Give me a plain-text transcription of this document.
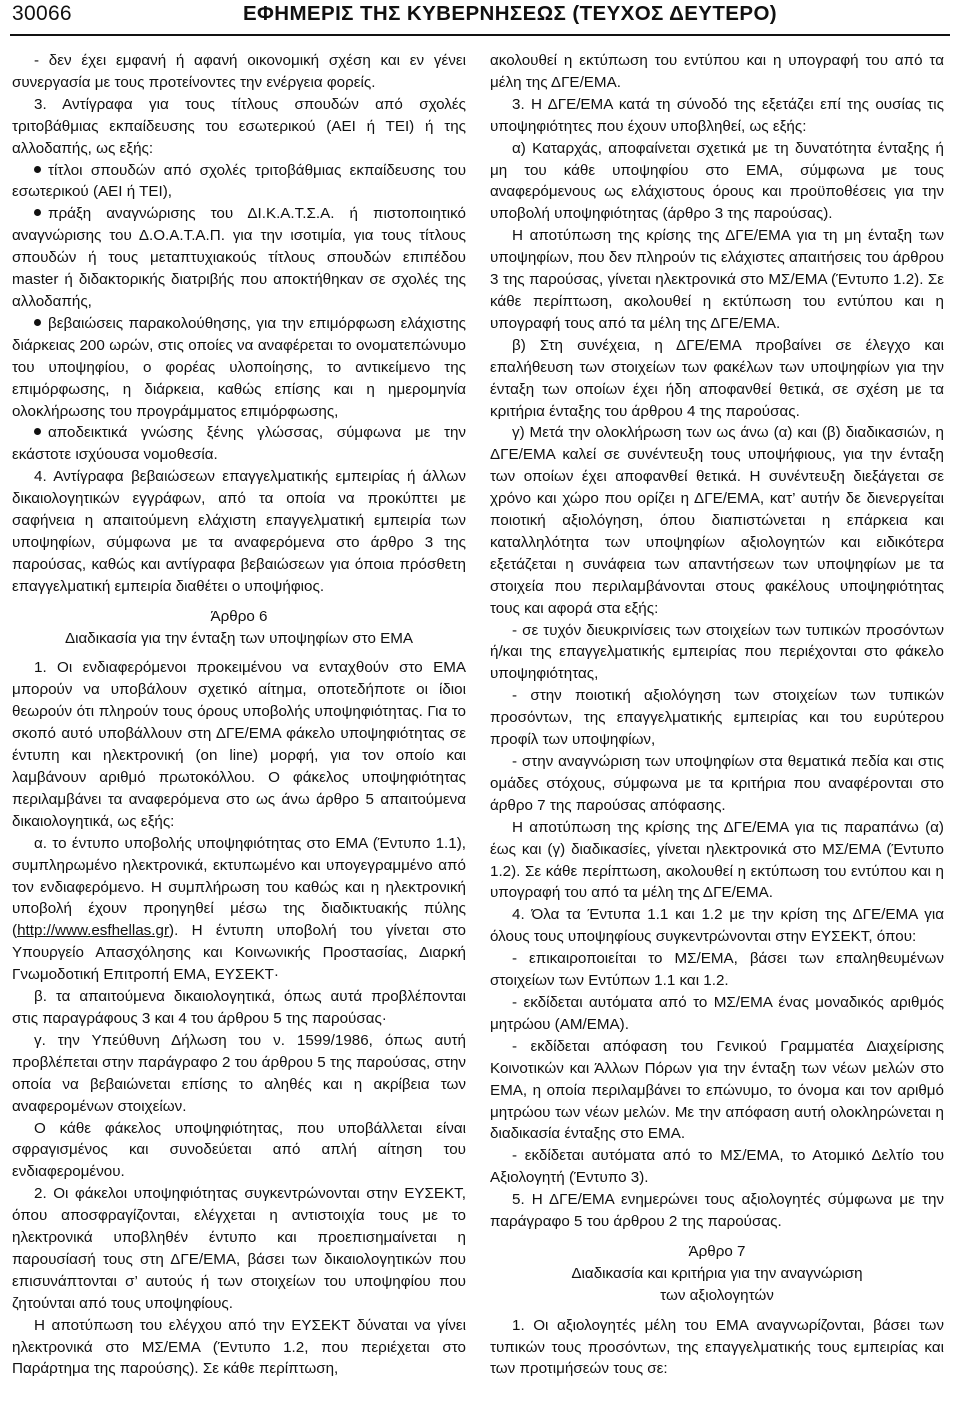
30066	ΕΦΗΜΕΡΙΣ ΤΗΣ ΚΥΒΕΡΝΗΣΕΩΣ (ΤΕΥΧΟΣ ΔΕΥΤΕΡΟ)

- δεν έχει εμφανή ή αφανή οικονομική σχέση και εν γένει συνεργασία με τους προτείνοντες την ενέργεια φορείς.

3. Αντίγραφα για τους τίτλους σπουδών από σχολές τριτοβάθμιας εκπαίδευσης του εσωτερικού (ΑΕΙ ή ΤΕΙ) ή της αλλοδαπής, ως εξής:

τίτλοι σπουδών από σχολές τριτοβάθμιας εκπαίδευσης του εσωτερικού (ΑΕΙ ή ΤΕΙ),

πράξη αναγνώρισης του ΔΙ.Κ.Α.Τ.Σ.Α. ή πιστοποιητικό αναγνώρισης του Δ.Ο.Α.Τ.Α.Π. για την ισοτιμία, για τους τίτλους σπουδών ή τους μεταπτυχιακούς τίτλους σπουδών επιπέδου master ή διδακτορικής διατριβής που αποκτήθηκαν σε σχολές της αλλοδαπής,

βεβαιώσεις παρακολούθησης, για την επιμόρφωση ελάχιστης διάρκειας 200 ωρών, στις οποίες να αναφέρεται το ονοματεπώνυμο του υποψηφίου, ο φορέας υλοποίησης, το αντικείμενο της επιμόρφωσης, η διάρκεια, καθώς επίσης και η ημερομηνία ολοκλήρωσης του προγράμματος επιμόρφωσης,

αποδεικτικά γνώσης ξένης γλώσσας, σύμφωνα με την εκάστοτε ισχύουσα νομοθεσία.

4. Αντίγραφα βεβαιώσεων επαγγελματικής εμπειρίας ή άλλων δικαιολογητικών εγγράφων, από τα οποία να προκύπτει με σαφήνεια η απαιτούμενη ελάχιστη επαγγελματική εμπειρία των υποψηφίων, σύμφωνα με τα αναφερόμενα στο άρθρο 3 της παρούσας, καθώς και αντίγραφα βεβαιώσεων για όποια πρόσθετη επαγγελματική εμπειρία διαθέτει ο υποψήφιος.

Άρθρο 6

Διαδικασία για την ένταξη των υποψηφίων στο ΕΜΑ

1. Οι ενδιαφερόμενοι προκειμένου να ενταχθούν στο ΕΜΑ μπορούν να υποβάλουν σχετικό αίτημα, οποτεδήποτε οι ίδιοι θεωρούν ότι πληρούν τους όρους υποβολής υποψηφιότητας. Για το σκοπό αυτό υποβάλλουν στη ΔΓΕ/ΕΜΑ φάκελο υποψηφιότητας σε έντυπη και ηλεκτρονική (on line) μορφή, για τον οποίο και λαμβάνουν αριθμό πρωτοκόλλου. Ο φάκελος υποψηφιότητας περιλαμβάνει τα αναφερόμενα στο ως άνω άρθρο 5 απαιτούμενα δικαιολογητικά, ως εξής:

α. το έντυπο υποβολής υποψηφιότητας στο ΕΜΑ (Έντυπο 1.1), συμπληρωμένο ηλεκτρονικά, εκτυπωμένο και υπογεγραμμένο από τον ενδιαφερόμενο. Η συμπλήρωση του καθώς και η ηλεκτρονική υποβολή έχουν προηγηθεί μέσω της διαδικτυακής πύλης (http://www.esfhellas.gr). Η έντυπη υποβολή του γίνεται στο Υπουργείο Απασχόλησης και Κοινωνικής Προστασίας, Διαρκή Γνωμοδοτική Επιτροπή ΕΜΑ, ΕΥΣΕΚΤ·

β. τα απαιτούμενα δικαιολογητικά, όπως αυτά προβλέπονται στις παραγράφους 3 και 4 του άρθρου 5 της παρούσας·

γ. την Υπεύθυνη Δήλωση του ν. 1599/1986, όπως αυτή προβλέπεται στην παράγραφο 2 του άρθρου 5 της παρούσας, στην οποία να βεβαιώνεται επίσης το αληθές και η ακρίβεια των αναφερομένων στοιχείων.

Ο κάθε φάκελος υποψηφιότητας, που υποβάλλεται είναι σφραγισμένος και συνοδεύεται από απλή αίτηση του ενδιαφερομένου.

2. Οι φάκελοι υποψηφιότητας συγκεντρώνονται στην ΕΥΣΕΚΤ, όπου αποσφραγίζονται, ελέγχεται η αντιστοιχία τους με το ηλεκτρονικά υποβληθέν έντυπο και προεπισημαίνεται η παρουσίασή τους στη ΔΓΕ/ΕΜΑ, βάσει των δικαιολογητικών που επισυνάπτονται σ’ αυτούς ή των στοιχείων του υποψηφίου που ζητούνται από τους υποψηφίους.

Η αποτύπωση του ελέγχου από την ΕΥΣΕΚΤ δύναται να γίνει ηλεκτρονικά στο ΜΣ/ΕΜΑ (Έντυπο 1.2, που περιέχεται στο Παράρτημα της παρούσης). Σε κάθε περίπτωση,

ακολουθεί η εκτύπωση του εντύπου και η υπογραφή του από τα μέλη της ΔΓΕ/ΕΜΑ.

3. Η ΔΓΕ/ΕΜΑ κατά τη σύνοδό της εξετάζει επί της ουσίας τις υποψηφιότητες που έχουν υποβληθεί, ως εξής:

α) Καταρχάς, αποφαίνεται σχετικά με τη δυνατότητα ένταξης ή μη του κάθε υποψηφίου στο ΕΜΑ, σύμφωνα με τους αναφερόμενους ως ελάχιστους όρους και προϋποθέσεις για την υποβολή υποψηφιότητας (άρθρο 3 της παρούσας).

Η αποτύπωση της κρίσης της ΔΓΕ/ΕΜΑ για τη μη ένταξη των υποψηφίων, που δεν πληρούν τις ελάχιστες απαιτήσεις του άρθρου 3 της παρούσας, γίνεται ηλεκτρονικά στο ΜΣ/ΕΜΑ (Έντυπο 1.2). Σε κάθε περίπτωση, ακολουθεί η εκτύπωση του εντύπου και η υπογραφή τους από τα μέλη της ΔΓΕ/ΕΜΑ.

β) Στη συνέχεια, η ΔΓΕ/ΕΜΑ προβαίνει σε έλεγχο και επαλήθευση των στοιχείων των φακέλων των υποψηφίων για την ένταξη των οποίων έχει ήδη αποφανθεί θετικά, σε σχέση με τα κριτήρια ένταξης του άρθρου 4 της παρούσας.

γ) Μετά την ολοκλήρωση των ως άνω (α) και (β) διαδικασιών, η ΔΓΕ/ΕΜΑ καλεί σε συνέντευξη τους υποψήφιους, για την ένταξη των οποίων έχει αποφανθεί θετικά. Η συνέντευξη διεξάγεται σε χρόνο και χώρο που ορίζει η ΔΓΕ/ΕΜΑ, κατ’ αυτήν δε διενεργείται ποιοτική αξιολόγηση, όπου διαπιστώνεται η επάρκεια και καταλληλότητα των υποψηφίων αξιολογητών και ειδικότερα εξετάζεται η συνάφεια των απαντήσεων των υποψηφίων με τα στοιχεία που περιλαμβάνονται στους φακέλους υποψηφιότητας τους και αφορά στα εξής:

- σε τυχόν διευκρινίσεις των στοιχείων των τυπικών προσόντων ή/και της επαγγελματικής εμπειρίας που περιέχονται στο φάκελο υποψηφιότητας,

- στην ποιοτική αξιολόγηση των στοιχείων των τυπικών προσόντων, της επαγγελματικής εμπειρίας και του ευρύτερου προφίλ των υποψηφίων,

- στην αναγνώριση των υποψηφίων στα θεματικά πεδία και στις ομάδες στόχους, σύμφωνα με τα κριτήρια που αναφέρονται στο άρθρο 7 της παρούσας απόφασης.

Η αποτύπωση της κρίσης της ΔΓΕ/ΕΜΑ για τις παραπάνω (α) έως και (γ) διαδικασίες, γίνεται ηλεκτρονικά στο ΜΣ/ΕΜΑ (Έντυπο 1.2). Σε κάθε περίπτωση, ακολουθεί η εκτύπωση του εντύπου και η υπογραφή του από τα μέλη της ΔΓΕ/ΕΜΑ.

4. Όλα τα Έντυπα 1.1 και 1.2 με την κρίση της ΔΓΕ/ΕΜΑ για όλους τους υποψηφίους συγκεντρώνονται στην ΕΥΣΕΚΤ, όπου:

- επικαιροποιείται το ΜΣ/ΕΜΑ, βάσει των επαληθευμένων στοιχείων των Εντύπων 1.1 και 1.2.

- εκδίδεται αυτόματα από το ΜΣ/ΕΜΑ ένας μοναδικός αριθμός μητρώου (ΑΜ/ΕΜΑ).

- εκδίδεται απόφαση του Γενικού Γραμματέα Διαχείρισης Κοινοτικών και Άλλων Πόρων για την ένταξη των νέων μελών στο ΕΜΑ, η οποία περιλαμβάνει το επώνυμο, το όνομα και τον αριθμό μητρώου των νέων μελών. Με την απόφαση αυτή ολοκληρώνεται η διαδικασία ένταξης στο ΕΜΑ.

- εκδίδεται αυτόματα από το ΜΣ/ΕΜΑ, το Ατομικό Δελτίο του Αξιολογητή (Έντυπο 3).

5. Η ΔΓΕ/ΕΜΑ ενημερώνει τους αξιολογητές σύμφωνα με την παράγραφο 5 του άρθρου 2 της παρούσας.

Άρθρο 7

Διαδικασία και κριτήρια για την αναγνώριση

των αξιολογητών

1. Οι αξιολογητές μέλη του ΕΜΑ αναγνωρίζονται, βάσει των τυπικών τους προσόντων, της επαγγελματικής τους εμπειρίας και των προτιμήσεών τους σε:
